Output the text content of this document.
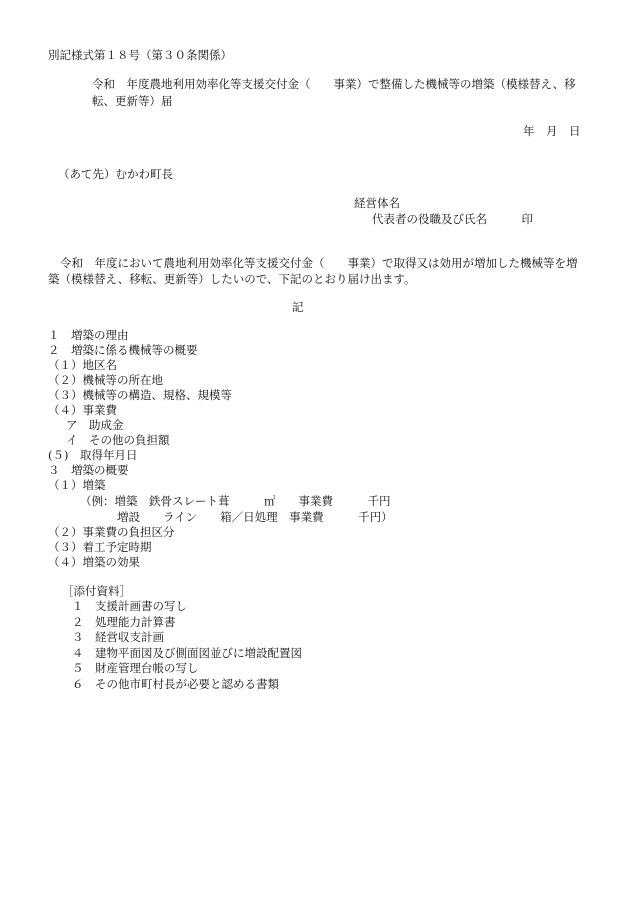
別記様式第１８号（第３０条関係）
令和　年度農地利用効率化等支援交付金（　　事業）で整備した機械等の増築（模様替え、移
転、更新等）届
年　月　日
（あて先）むかわ町長
経営体名
代表者の役職及び氏名　　　印
令和　年度において農地利用効率化等支援交付金（　　事業）で取得又は効用が増加した機械等を増
築（模様替え、移転、更新等）したいので、下記のとおり届け出ます。
記
１　増築の理由
２　増築に係る機械等の概要
（１）地区名
（２）機械等の所在地
（３）機械等の構造、規格、規模等
（４）事業費
ア　助成金
イ　その他の負担額
(５)　取得年月日
３　増築の概要
（１）増築
（例：増築　鉄骨スレート葺　　　㎡　　事業費　　　千円
増設　　ライン　　箱／日処理　事業費　　　千円）
（２）事業費の負担区分
（３）着工予定時期
（４）増築の効果
［添付資料］
１　支援計画書の写し
２　処理能力計算書
３　経営収支計画
４　建物平面図及び側面図並びに増設配置図
５　財産管理台帳の写し
６　その他市町村長が必要と認める書類
